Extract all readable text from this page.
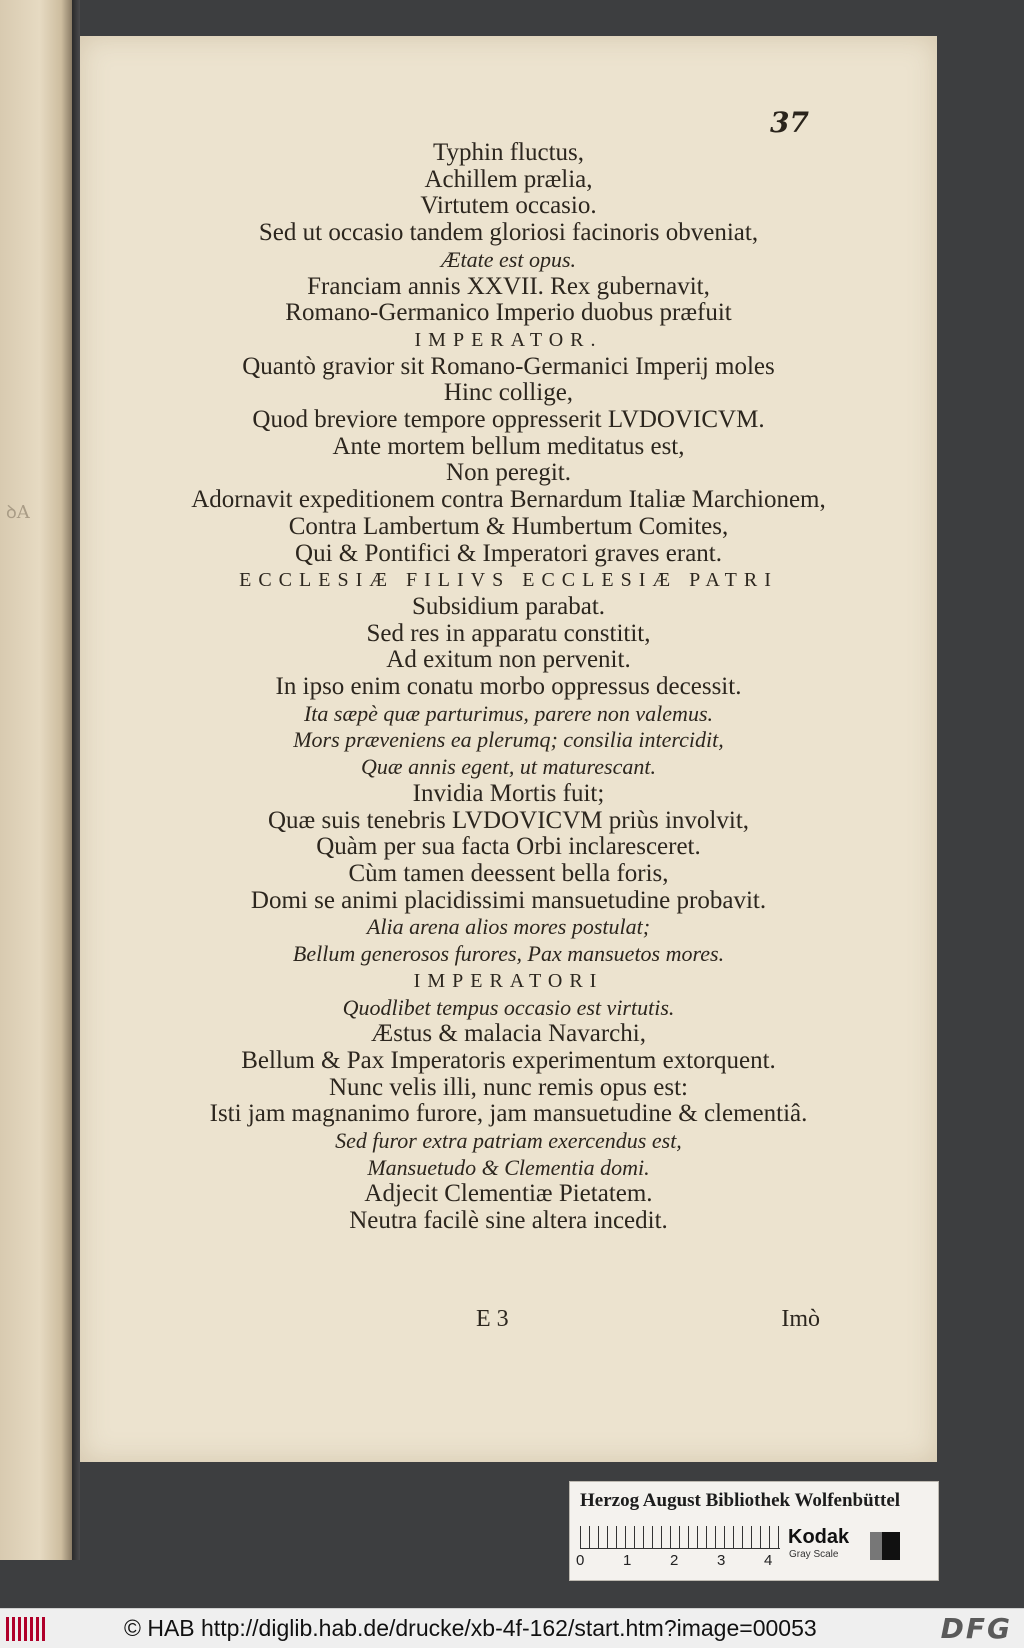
ꝺA
37
Typhin fluctus,
Achillem prælia,
Virtutem occasio.
Sed ut occasio tandem gloriosi facinoris obveniat,
Ætate est opus.
Franciam annis XXVII. Rex gubernavit,
Romano-Germanico Imperio duobus præfuit
IMPERATOR.
Quantò gravior sit Romano-Germanici Imperij moles
Hinc collige,
Quod breviore tempore oppresserit LVDOVICVM.
Ante mortem bellum meditatus est,
Non peregit.
Adornavit expeditionem contra Bernardum Italiæ Marchionem,
Contra Lambertum & Humbertum Comites,
Qui & Pontifici & Imperatori graves erant.
ECCLESIÆ FILIVS ECCLESIÆ PATRI
Subsidium parabat.
Sed res in apparatu constitit,
Ad exitum non pervenit.
In ipso enim conatu morbo oppressus decessit.
Ita sæpè quæ parturimus, parere non valemus.
Mors præveniens ea plerumq; consilia intercidit,
Quæ annis egent, ut maturescant.
Invidia Mortis fuit;
Quæ suis tenebris LVDOVICVM priùs involvit,
Quàm per sua facta Orbi inclaresceret.
Cùm tamen deessent bella foris,
Domi se animi placidissimi mansuetudine probavit.
Alia arena alios mores postulat;
Bellum generosos furores, Pax mansuetos mores.
IMPERATORI
Quodlibet tempus occasio est virtutis.
Æstus & malacia Navarchi,
Bellum & Pax Imperatoris experimentum extorquent.
Nunc velis illi, nunc remis opus est:
Isti jam magnanimo furore, jam mansuetudine & clementiâ.
Sed furor extra patriam exercendus est,
Mansuetudo & Clementia domi.
Adjecit Clementiæ Pietatem.
Neutra facilè sine altera incedit.
E 3	Imò
Herzog August Bibliothek Wolfenbüttel
0	1	2	3	4
Kodak
Gray Scale
© HAB http://diglib.hab.de/drucke/xb-4f-162/start.htm?image=00053	DFG
